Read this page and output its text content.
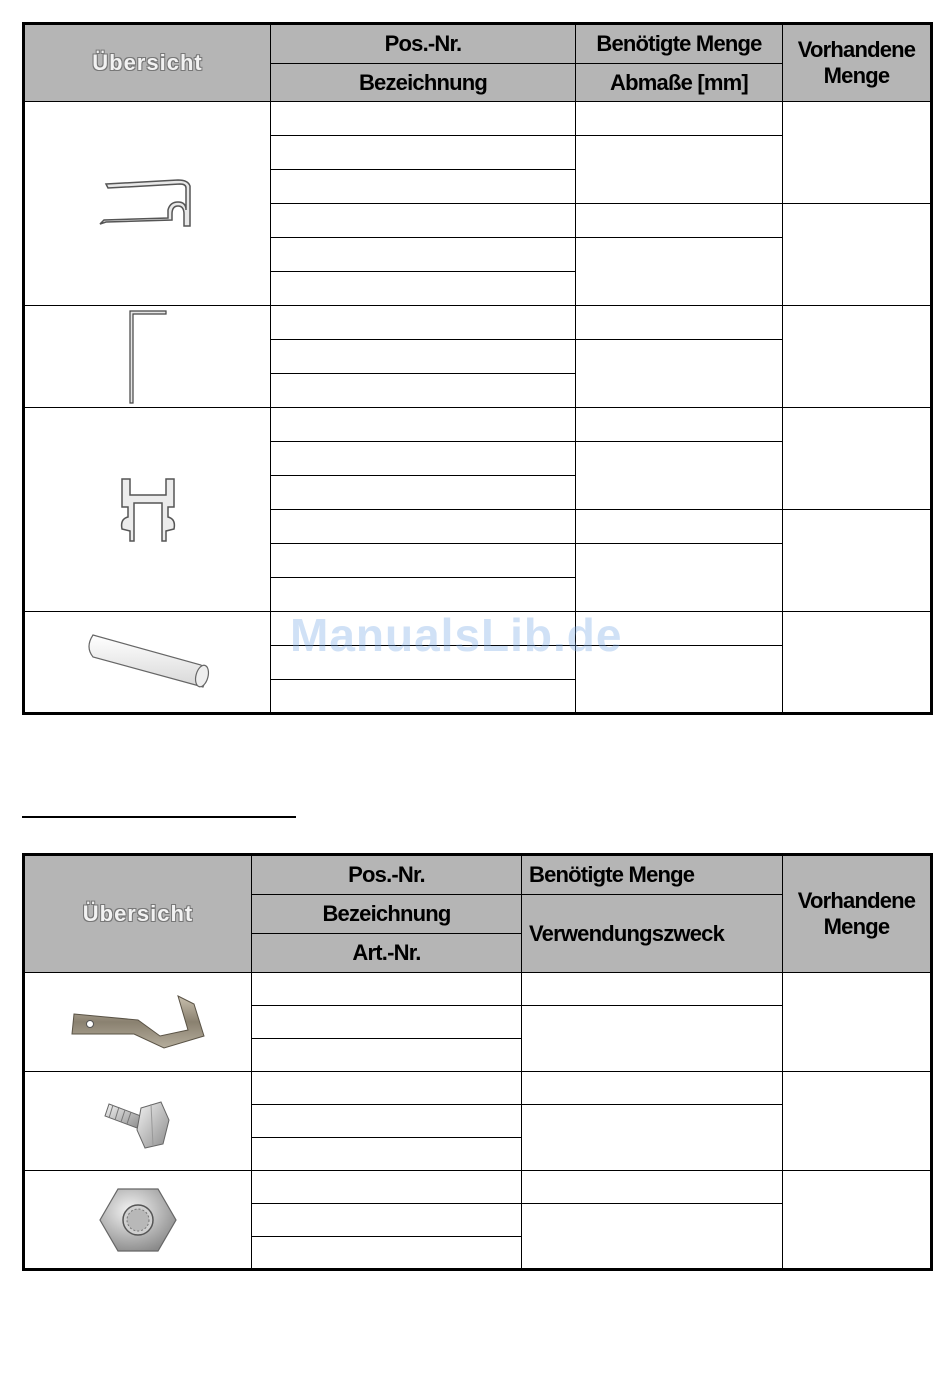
Übersicht	Pos.-Nr.	Benötigte Menge	Vorhandene Menge
	Bezeichnung	Abmaße [mm]	

ManualsLib.de
Übersicht	Pos.-Nr.	Benötigte Menge	Vorhandene Menge
	Bezeichnung	Verwendungszweck	
	Art.-Nr.		
